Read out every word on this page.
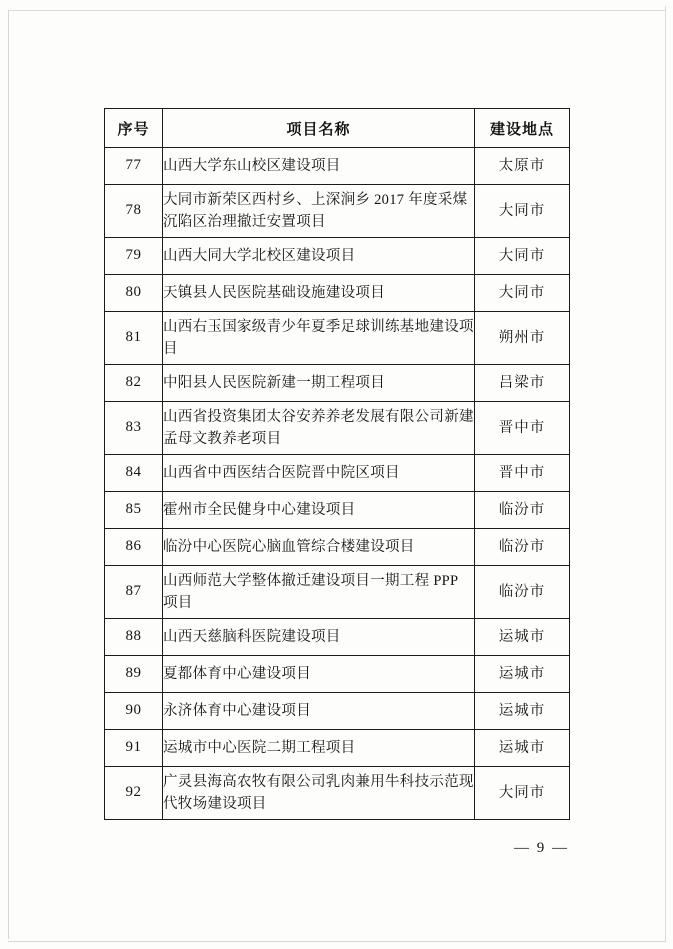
序号	项目名称	建设地点
77	山西大学东山校区建设项目	太原市
78	大同市新荣区西村乡、上深涧乡 2017 年度采煤沉陷区治理撤迁安置项目	大同市
79	山西大同大学北校区建设项目	大同市
80	天镇县人民医院基础设施建设项目	大同市
81	山西右玉国家级青少年夏季足球训练基地建设项目	朔州市
82	中阳县人民医院新建一期工程项目	吕梁市
83	山西省投资集团太谷安养养老发展有限公司新建孟母文教养老项目	晋中市
84	山西省中西医结合医院晋中院区项目	晋中市
85	霍州市全民健身中心建设项目	临汾市
86	临汾中心医院心脑血管综合楼建设项目	临汾市
87	山西师范大学整体撤迁建设项目一期工程 PPP 项目	临汾市
88	山西天慈脑科医院建设项目	运城市
89	夏都体育中心建设项目	运城市
90	永济体育中心建设项目	运城市
91	运城市中心医院二期工程项目	运城市
92	广灵县海高农牧有限公司乳肉兼用牛科技示范现代牧场建设项目	大同市
— 9 —
